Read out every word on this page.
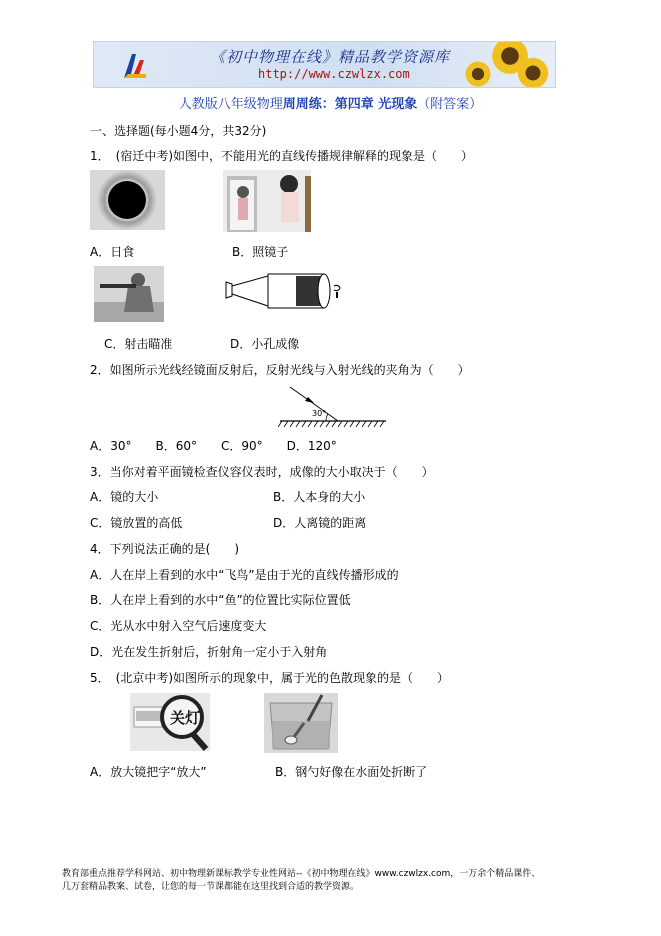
《初中物理在线》精品教学资源库
http://www.czwlzx.com
人教版八年级物理周周练：第四章 光现象（附答案）
一、选择题(每小题4分，共32分)
1．　(宿迁中考)如图中，不能用光的直线传播规律解释的现象是（　　）
A．日食	B．照镜子
C．射击瞄准	D．小孔成像
2．如图所示光线经镜面反射后，反射光线与入射光线的夹角为（　　）
30°
A．30°　　B．60°　　C．90°　　D．120°
3．当你对着平面镜检查仪容仪表时，成像的大小取决于（　　）
A．镜的大小	B．人本身的大小
C．镜放置的高低	D．人离镜的距离
4．下列说法正确的是(　　)
A．人在岸上看到的水中“飞鸟”是由于光的直线传播形成的
B．人在岸上看到的水中“鱼”的位置比实际位置低
C．光从水中射入空气后速度变大
D．光在发生折射后，折射角一定小于入射角
5．　(北京中考)如图所示的现象中，属于光的色散现象的是（　　）
关灯
A．放大镜把字“放大”	B．钢勺好像在水面处折断了
教育部重点推荐学科网站、初中物理新课标教学专业性网站--《初中物理在线》www.czwlzx.com，一万余个精品课件、
几万套精品教案、试卷，让您的每一节课都能在这里找到合适的教学资源。
